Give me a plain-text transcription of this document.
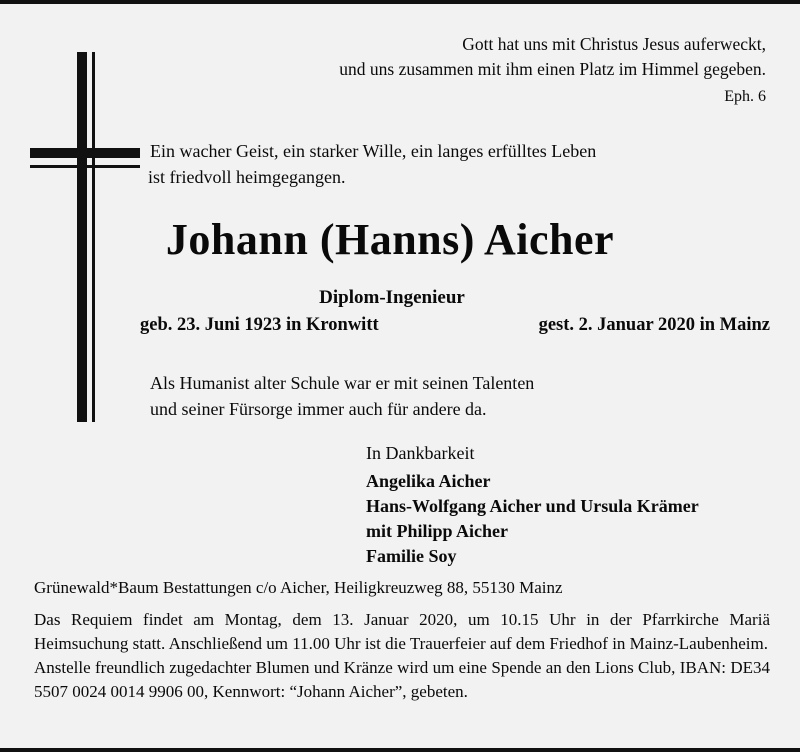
Gott hat uns mit Christus Jesus auferweckt,
und uns zusammen mit ihm einen Platz im Himmel gegeben.
Eph. 6
Ein wacher Geist, ein starker Wille, ein langes erfülltes Leben
ist friedvoll heimgegangen.
Johann (Hanns) Aicher
Diplom-Ingenieur
geb. 23. Juni 1923 in Kronwitt	gest. 2. Januar 2020 in Mainz
Als Humanist alter Schule war er mit seinen Talenten
und seiner Fürsorge immer auch für andere da.
In Dankbarkeit
Angelika Aicher
Hans-Wolfgang Aicher und Ursula Krämer
mit Philipp Aicher
Familie Soy
Grünewald*Baum Bestattungen c/o Aicher, Heiligkreuzweg 88, 55130 Mainz

Das Requiem findet am Montag, dem 13. Januar 2020, um 10.15 Uhr in der Pfarrkirche Mariä Heimsuchung statt. Anschließend um 11.00 Uhr ist die Trauerfeier auf dem Friedhof in Mainz-Laubenheim.

Anstelle freundlich zugedachter Blumen und Kränze wird um eine Spende an den Lions Club, IBAN: DE34 5507 0024 0014 9906 00, Kennwort: “Johann Aicher”, gebeten.
